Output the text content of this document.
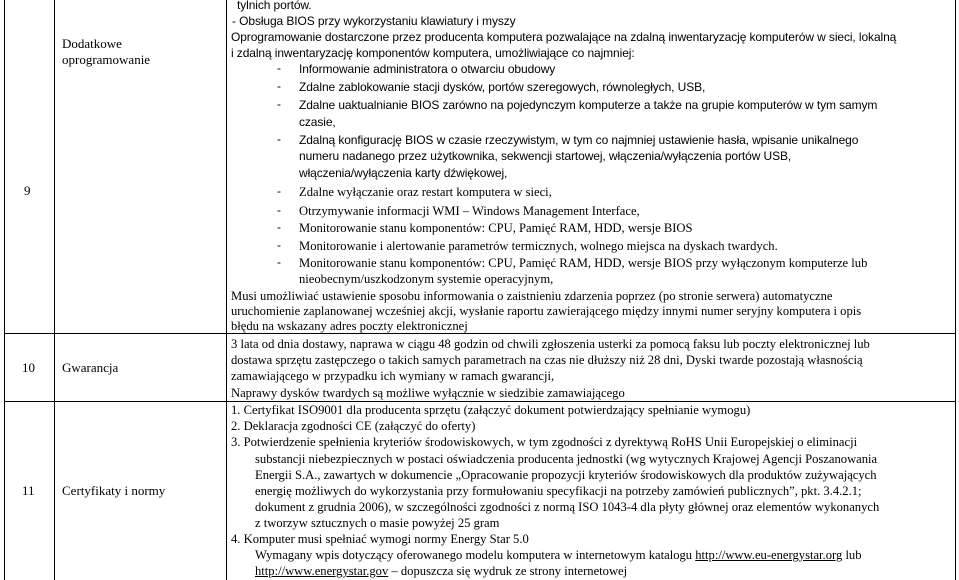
9
Dodatkowe
oprogramowanie
tylnich portów.
- Obsługa BIOS przy wykorzystaniu klawiatury i myszy
Oprogramowanie dostarczone przez producenta komputera pozwalające na zdalną inwentaryzację komputerów w sieci, lokalną
i zdalną inwentaryzację komponentów komputera, umożliwiające co najmniej:
- Informowanie administratora o otwarciu obudowy
- Zdalne zablokowanie stacji dysków, portów szeregowych, równoległych, USB,
- Zdalne uaktualnianie BIOS zarówno na pojedynczym komputerze a także na grupie komputerów w tym samym
czasie,
- Zdalną konfigurację BIOS w czasie rzeczywistym, w tym co najmniej ustawienie hasła, wpisanie unikalnego
numeru nadanego przez użytkownika, sekwencji startowej, włączenia/wyłączenia portów USB,
włączenia/wyłączenia karty dźwiękowej,
- Zdalne wyłączanie oraz restart komputera w sieci,
- Otrzymywanie informacji WMI – Windows Management Interface,
- Monitorowanie stanu komponentów: CPU, Pamięć RAM, HDD, wersje BIOS
- Monitorowanie i alertowanie parametrów termicznych, wolnego miejsca na dyskach twardych.
- Monitorowanie stanu komponentów: CPU, Pamięć RAM, HDD, wersje BIOS przy wyłączonym komputerze lub
nieobecnym/uszkodzonym systemie operacyjnym,
Musi umożliwiać ustawienie sposobu informowania o zaistnieniu zdarzenia poprzez (po stronie serwera) automatyczne
uruchomienie zaplanowanej wcześniej akcji, wysłanie raportu zawierającego między innymi numer seryjny komputera i opis
błędu na wskazany adres poczty elektronicznej
10 Gwarancja
3 lata od dnia dostawy, naprawa w ciągu 48 godzin od chwili zgłoszenia usterki za pomocą faksu lub poczty elektronicznej lub
dostawa sprzętu zastępczego o takich samych parametrach na czas nie dłuższy niż 28 dni, Dyski twarde pozostają własnością
zamawiającego w przypadku ich wymiany w ramach gwarancji,
Naprawy dysków twardych są możliwe wyłącznie w siedzibie zamawiającego
11 Certyfikaty i normy
1. Certyfikat ISO9001 dla producenta sprzętu (załączyć dokument potwierdzający spełnianie wymogu)
2. Deklaracja zgodności CE (załączyć do oferty)
3. Potwierdzenie spełnienia kryteriów środowiskowych, w tym zgodności z dyrektywą RoHS Unii Europejskiej o eliminacji
substancji niebezpiecznych w postaci oświadczenia producenta jednostki (wg wytycznych Krajowej Agencji Poszanowania
Energii S.A., zawartych w dokumencie „Opracowanie propozycji kryteriów środowiskowych dla produktów zużywających
energię możliwych do wykorzystania przy formułowaniu specyfikacji na potrzeby zamówień publicznych”, pkt. 3.4.2.1;
dokument z grudnia 2006), w szczególności zgodności z normą ISO 1043-4 dla płyty głównej oraz elementów wykonanych
z tworzyw sztucznych o masie powyżej 25 gram
4. Komputer musi spełniać wymogi normy Energy Star 5.0
Wymagany wpis dotyczący oferowanego modelu komputera w internetowym katalogu http://www.eu-energystar.org lub
http://www.energystar.gov – dopuszcza się wydruk ze strony internetowej
